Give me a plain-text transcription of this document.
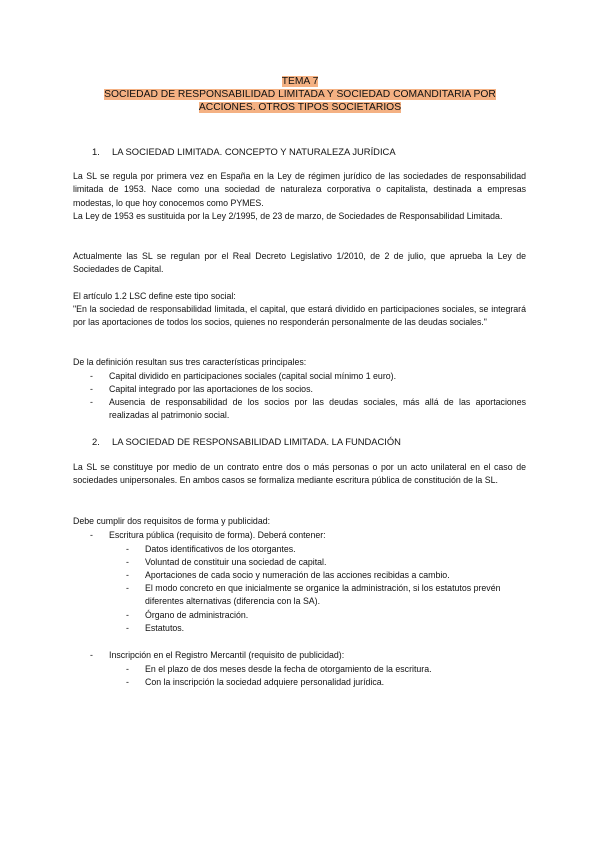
TEMA 7
SOCIEDAD DE RESPONSABILIDAD LIMITADA Y SOCIEDAD COMANDITARIA POR
ACCIONES. OTROS TIPOS SOCIETARIOS
1. LA SOCIEDAD LIMITADA. CONCEPTO Y NATURALEZA JURÍDICA
La SL se regula por primera vez en España en la Ley de régimen jurídico de las sociedades de responsabilidad limitada de 1953. Nace como una sociedad de naturaleza corporativa o capitalista, destinada a empresas modestas, lo que hoy conocemos como PYMES.
La Ley de 1953 es sustituida por la Ley 2/1995, de 23 de marzo, de Sociedades de Responsabilidad Limitada.
Actualmente las SL se regulan por el Real Decreto Legislativo 1/2010, de 2 de julio, que aprueba la Ley de Sociedades de Capital.
El artículo 1.2 LSC define este tipo social:
"En la sociedad de responsabilidad limitada, el capital, que estará dividido en participaciones sociales, se integrará por las aportaciones de todos los socios, quienes no responderán personalmente de las deudas sociales."
De la definición resultan sus tres características principales:
- Capital dividido en participaciones sociales (capital social mínimo 1 euro).
- Capital integrado por las aportaciones de los socios.
- Ausencia de responsabilidad de los socios por las deudas sociales, más allá de las aportaciones realizadas al patrimonio social.
2. LA SOCIEDAD DE RESPONSABILIDAD LIMITADA. LA FUNDACIÓN
La SL se constituye por medio de un contrato entre dos o más personas o por un acto unilateral en el caso de sociedades unipersonales. En ambos casos se formaliza mediante escritura pública de constitución de la SL.
Debe cumplir dos requisitos de forma y publicidad:
- Escritura pública (requisito de forma). Deberá contener:
- Datos identificativos de los otorgantes.
- Voluntad de constituir una sociedad de capital.
- Aportaciones de cada socio y numeración de las acciones recibidas a cambio.
- El modo concreto en que inicialmente se organice la administración, si los estatutos prevén diferentes alternativas (diferencia con la SA).
- Órgano de administración.
- Estatutos.
- Inscripción en el Registro Mercantil (requisito de publicidad):
- En el plazo de dos meses desde la fecha de otorgamiento de la escritura.
- Con la inscripción la sociedad adquiere personalidad jurídica.
